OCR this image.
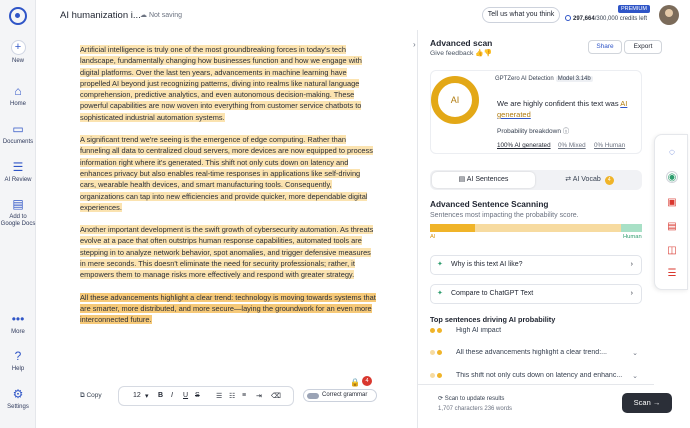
+
New
⌂
Home
▭
Documents
☰
AI Review
▤
Add to Google Docs
•••
More
?
Help
⚙
Settings
AI humanization i... ☁ Not saving	Tell us what you think
PREMIUM
297,664/300,000 credits left

Artificial intelligence is truly one of the most groundbreaking forces in today's tech landscape, fundamentally changing how businesses function and how we engage with digital platforms. Over the last ten years, advancements in machine learning have propelled AI beyond just recognizing patterns, diving into realms like natural language comprehension, predictive analytics, and even autonomous decision-making. These powerful capabilities are now woven into everything from customer service chatbots to sophisticated industrial automation systems.

A significant trend we're seeing is the emergence of edge computing. Rather than funneling all data to centralized cloud servers, more devices are now equipped to process information right where it's generated. This shift not only cuts down on latency and enhances privacy but also enables real-time responses in applications like self-driving cars, wearable health devices, and smart manufacturing tools. Consequently, organizations can tap into new efficiencies and provide quicker, more dependable digital experiences.

Another important development is the swift growth of cybersecurity automation. As threats evolve at a pace that often outstrips human response capabilities, automated tools are stepping in to analyze network behavior, spot anomalies, and trigger defensive measures in mere seconds. This doesn't eliminate the need for security professionals; rather, it empowers them to manage risks more effectively and respond with greater strategy.

All these advancements highlight a clear trend: technology is moving towards systems that are smarter, more distributed, and more secure—laying the groundwork for an even more interconnected future.

⧉ Copy	12 ▾ B I U S ☰ ☷ ≡ ⇥ ⌫	Correct grammar
🔒	4
› Advanced scan
Give feedback 👍👎
Share	Export
AI
GPTZero AI Detection Model 3.14b
We are highly confident this text was AI generated
Probability breakdown ⓘ
100% AI generated 0% Mixed 0% Human
▤ AI Sentences	⇄ AI Vocab 4
Advanced Sentence Scanning
Sentences most impacting the probability score.
AI	Human
✦ Why is this text AI like?	›
✦ Compare to ChatGPT Text	›
Top sentences driving AI probability
High AI impact
All these advancements highlight a clear trend:...	⌄
This shift not only cuts down on latency and enhanc...	⌄
⟳ Scan to update results
1,707 characters 236 words
Scan →
◌
◉
▣
▤
◫
☰
